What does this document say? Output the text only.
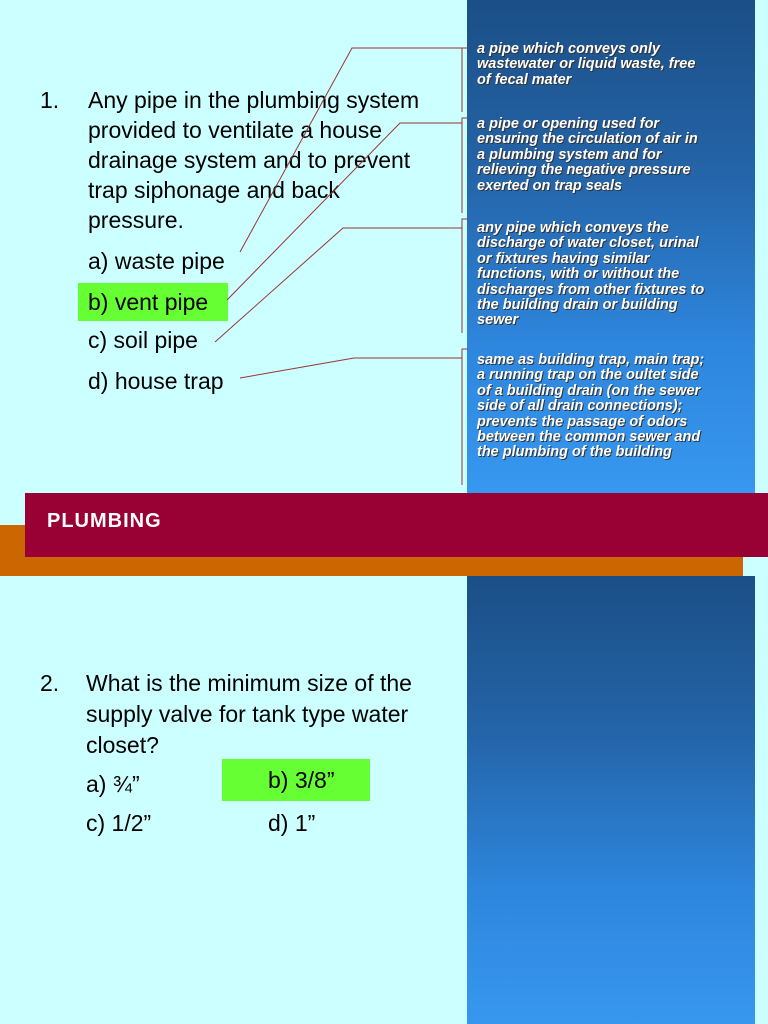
1. Any pipe in the plumbing system
provided to ventilate a house
drainage system and to prevent
trap siphonage and back
pressure.
a) waste pipe
b) vent pipe
c) soil pipe
d) house trap
a pipe which conveys only
wastewater or liquid waste, free
of fecal mater
a pipe or opening used for
ensuring the circulation of air in
a plumbing system and for
relieving the negative pressure
exerted on trap seals
any pipe which conveys the
discharge of water closet, urinal
or fixtures having similar
functions, with or without the
discharges from other fixtures to
the building drain or building
sewer
same as building trap, main trap;
a running trap on the oultet side
of a building drain (on the sewer
side of all drain connections);
prevents the passage of odors
between the common sewer and
the plumbing of the building
PLUMBING
2. What is the minimum size of the
supply valve for tank type water
closet?
a) ¾”	b) 3/8”
c) 1/2”	d) 1”
